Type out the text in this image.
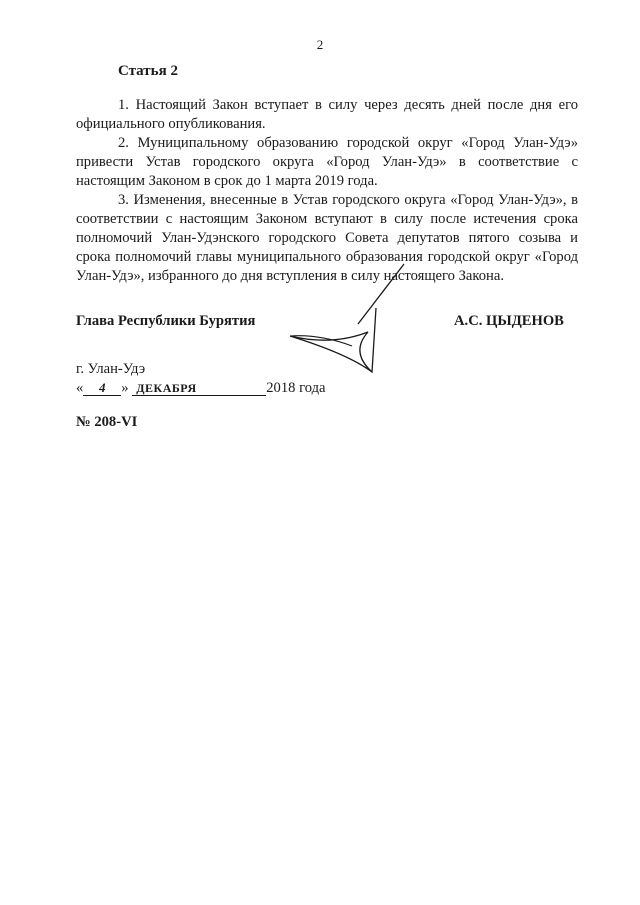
2
Статья 2

1. Настоящий Закон вступает в силу через десять дней после дня его официального опубликования.

2. Муниципальному образованию городской округ «Город Улан-Удэ» привести Устав городского округа «Город Улан-Удэ» в соответствие с настоящим Законом в срок до 1 марта 2019 года.

3. Изменения, внесенные в Устав городского округа «Город Улан-Удэ», в соответствии с настоящим Законом вступают в силу после истечения срока полномочий Улан-Удэнского городского Совета депутатов пятого созыва и срока полномочий главы муниципального образования городской округ «Город Улан-Удэ», избранного до дня вступления в силу настоящего Закона.

Глава Республики Бурятия	А.С. ЦЫДЕНОВ
г. Улан-Удэ
« 4 » ДЕКАБРЯ	2018 года
№ 208-VI
